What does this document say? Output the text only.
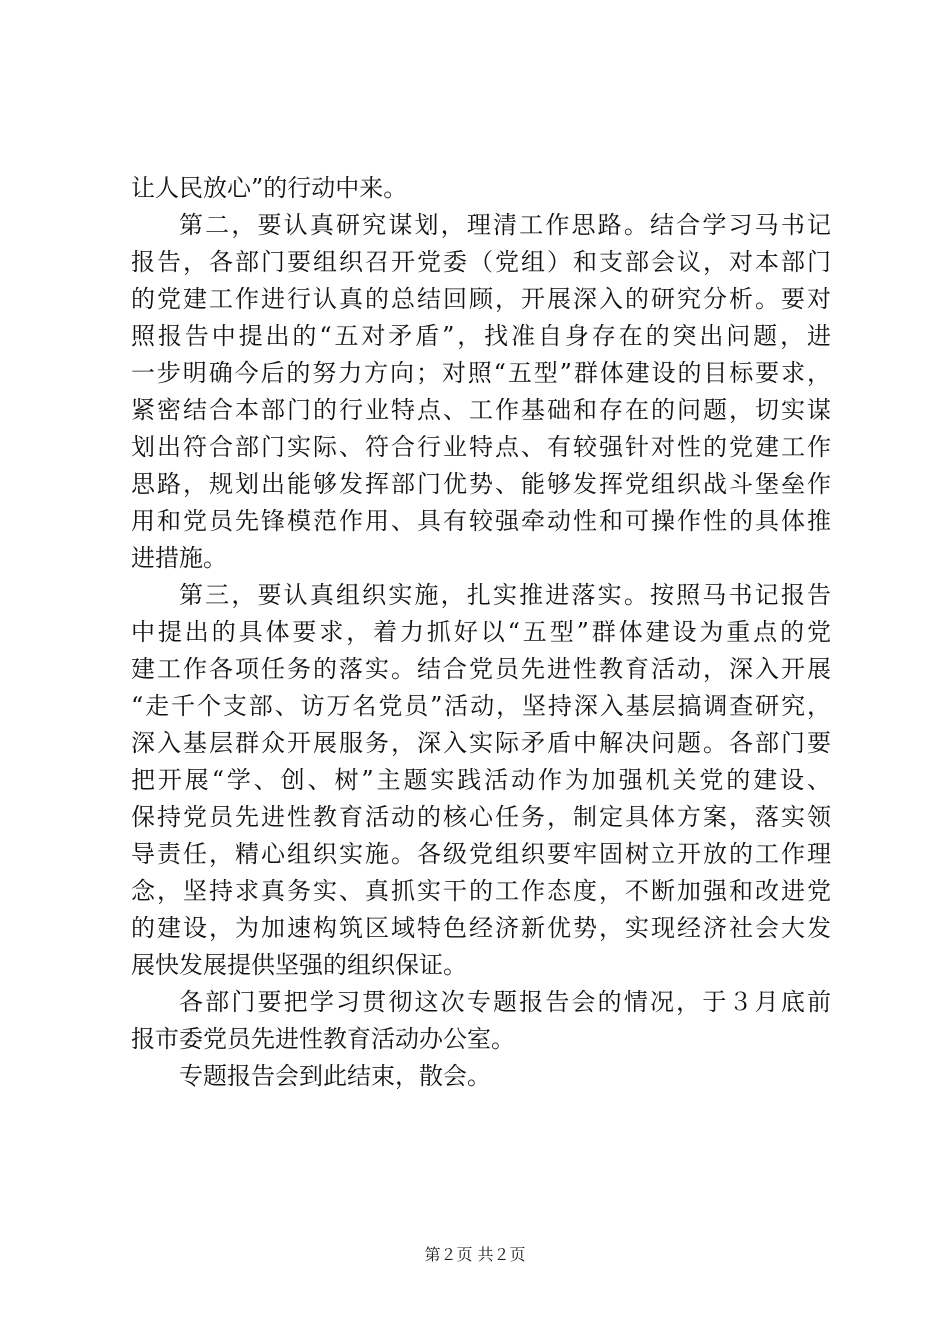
让人民放心”的行动中来。
第二，要认真研究谋划，理清工作思路。结合学习马书记
报告，各部门要组织召开党委（党组）和支部会议，对本部门
的党建工作进行认真的总结回顾，开展深入的研究分析。要对
照报告中提出的“五对矛盾”，找准自身存在的突出问题，进
一步明确今后的努力方向；对照“五型”群体建设的目标要求，
紧密结合本部门的行业特点、工作基础和存在的问题，切实谋
划出符合部门实际、符合行业特点、有较强针对性的党建工作
思路，规划出能够发挥部门优势、能够发挥党组织战斗堡垒作
用和党员先锋模范作用、具有较强牵动性和可操作性的具体推
进措施。
第三，要认真组织实施，扎实推进落实。按照马书记报告
中提出的具体要求，着力抓好以“五型”群体建设为重点的党
建工作各项任务的落实。结合党员先进性教育活动，深入开展
“走千个支部、访万名党员”活动，坚持深入基层搞调查研究，
深入基层群众开展服务，深入实际矛盾中解决问题。各部门要
把开展“学、创、树”主题实践活动作为加强机关党的建设、
保持党员先进性教育活动的核心任务，制定具体方案，落实领
导责任，精心组织实施。各级党组织要牢固树立开放的工作理
念，坚持求真务实、真抓实干的工作态度，不断加强和改进党
的建设，为加速构筑区域特色经济新优势，实现经济社会大发
展快发展提供坚强的组织保证。
各部门要把学习贯彻这次专题报告会的情况，于３月底前
报市委党员先进性教育活动办公室。
专题报告会到此结束，散会。
第２页 共２页
